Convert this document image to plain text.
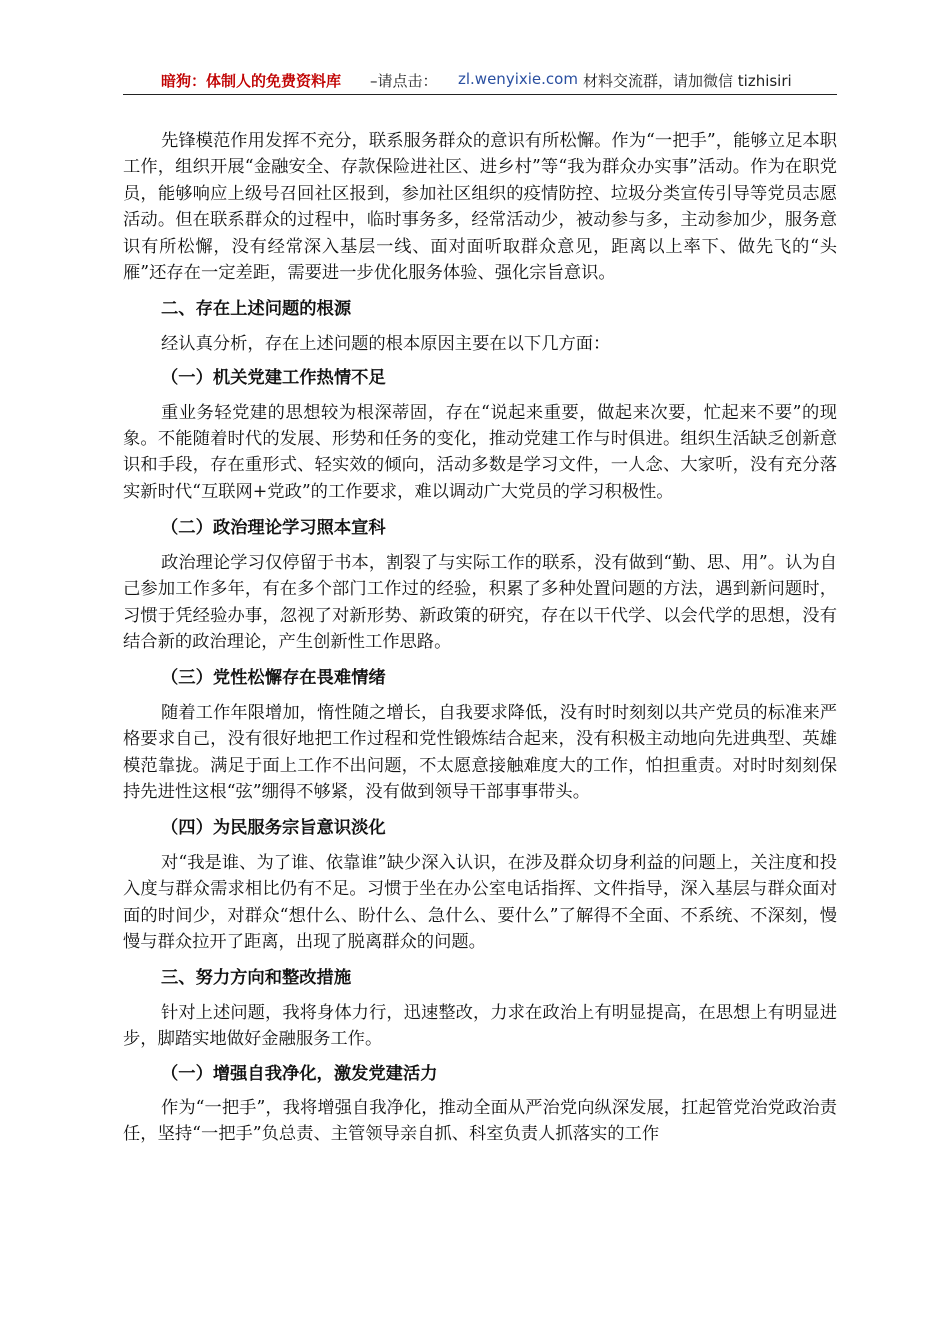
暗狗：体制人的免费资料库 –请点击： zl.wenyixie.com 材料交流群，请加微信 tizhisiri

先锋模范作用发挥不充分，联系服务群众的意识有所松懈。作为“一把手”，能够立足本职工作，组织开展“金融安全、存款保险进社区、进乡村”等“我为群众办实事”活动。作为在职党员，能够响应上级号召回社区报到，参加社区组织的疫情防控、垃圾分类宣传引导等党员志愿活动。但在联系群众的过程中，临时事务多，经常活动少，被动参与多，主动参加少，服务意识有所松懈，没有经常深入基层一线、面对面听取群众意见，距离以上率下、做先飞的“头雁”还存在一定差距，需要进一步优化服务体验、强化宗旨意识。

二、存在上述问题的根源

经认真分析，存在上述问题的根本原因主要在以下几方面：

（一）机关党建工作热情不足

重业务轻党建的思想较为根深蒂固，存在“说起来重要，做起来次要，忙起来不要”的现象。不能随着时代的发展、形势和任务的变化，推动党建工作与时俱进。组织生活缺乏创新意识和手段，存在重形式、轻实效的倾向，活动多数是学习文件，一人念、大家听，没有充分落实新时代“互联网+党政”的工作要求，难以调动广大党员的学习积极性。

（二）政治理论学习照本宣科

政治理论学习仅停留于书本，割裂了与实际工作的联系，没有做到“勤、思、用”。认为自己参加工作多年，有在多个部门工作过的经验，积累了多种处置问题的方法，遇到新问题时，习惯于凭经验办事，忽视了对新形势、新政策的研究，存在以干代学、以会代学的思想，没有结合新的政治理论，产生创新性工作思路。

（三）党性松懈存在畏难情绪

随着工作年限增加，惰性随之增长，自我要求降低，没有时时刻刻以共产党员的标准来严格要求自己，没有很好地把工作过程和党性锻炼结合起来，没有积极主动地向先进典型、英雄模范靠拢。满足于面上工作不出问题，不太愿意接触难度大的工作，怕担重责。对时时刻刻保持先进性这根“弦”绷得不够紧，没有做到领导干部事事带头。

（四）为民服务宗旨意识淡化

对“我是谁、为了谁、依靠谁”缺少深入认识，在涉及群众切身利益的问题上，关注度和投入度与群众需求相比仍有不足。习惯于坐在办公室电话指挥、文件指导，深入基层与群众面对面的时间少，对群众“想什么、盼什么、急什么、要什么”了解得不全面、不系统、不深刻，慢慢与群众拉开了距离，出现了脱离群众的问题。

三、努力方向和整改措施

针对上述问题，我将身体力行，迅速整改，力求在政治上有明显提高，在思想上有明显进步，脚踏实地做好金融服务工作。

（一）增强自我净化，激发党建活力

作为“一把手”，我将增强自我净化，推动全面从严治党向纵深发展，扛起管党治党政治责任，坚持“一把手”负总责、主管领导亲自抓、科室负责人抓落实的工作
